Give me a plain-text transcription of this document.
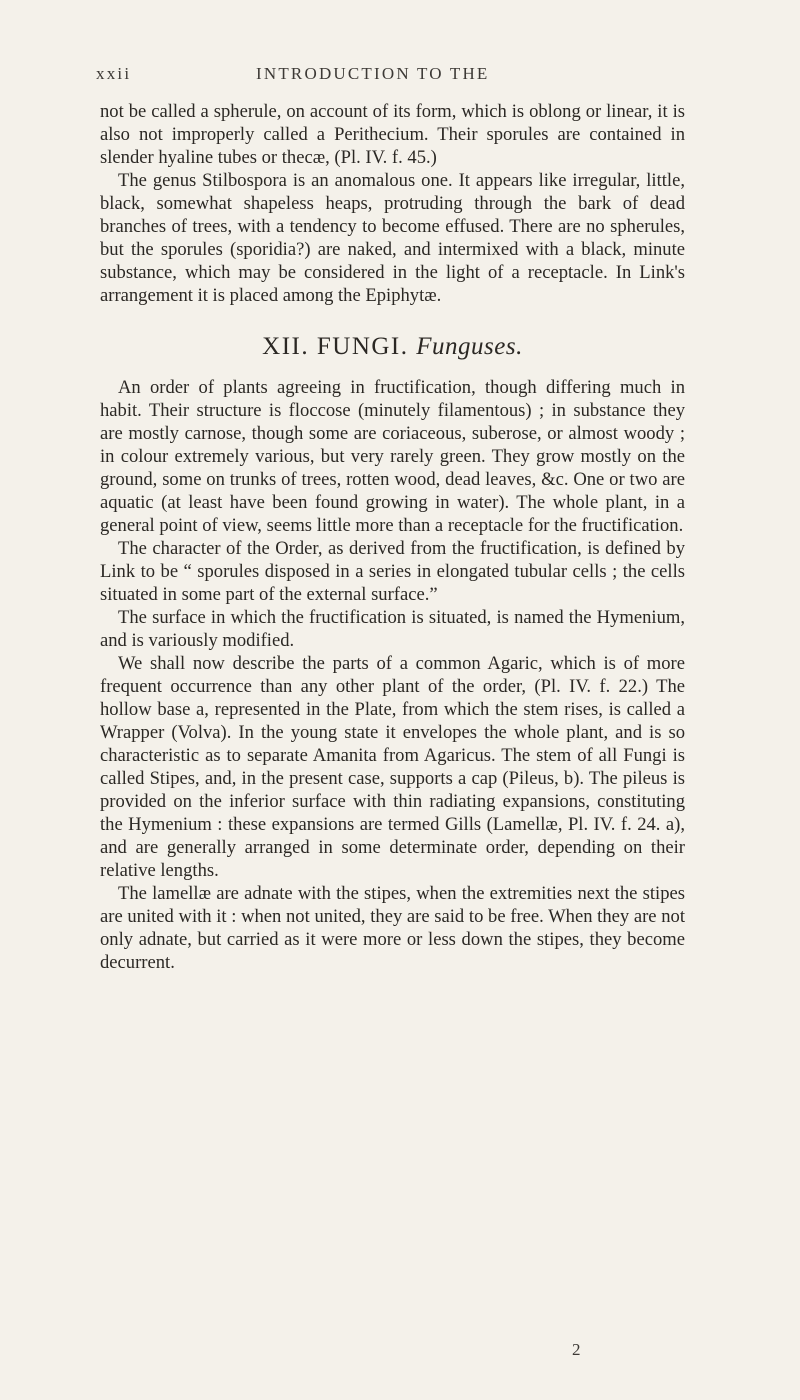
xxii	INTRODUCTION TO THE

not be called a spherule, on account of its form, which is oblong or linear, it is also not improperly called a Perithecium. Their sporules are contained in slender hyaline tubes or thecæ, (Pl. IV. f. 45.)

The genus Stilbospora is an anomalous one. It appears like irregular, little, black, somewhat shapeless heaps, protruding through the bark of dead branches of trees, with a tendency to become effused. There are no spherules, but the sporules (sporidia?) are naked, and intermixed with a black, minute substance, which may be considered in the light of a receptacle. In Link's arrangement it is placed among the Epiphytæ.

XII. FUNGI. Funguses.

An order of plants agreeing in fructification, though differing much in habit. Their structure is floccose (minutely filamentous) ; in substance they are mostly carnose, though some are coriaceous, suberose, or almost woody ; in colour extremely various, but very rarely green. They grow mostly on the ground, some on trunks of trees, rotten wood, dead leaves, &c. One or two are aquatic (at least have been found growing in water). The whole plant, in a general point of view, seems little more than a receptacle for the fructification.

The character of the Order, as derived from the fructification, is defined by Link to be “ sporules disposed in a series in elongated tubular cells ; the cells situated in some part of the external surface.”

The surface in which the fructification is situated, is named the Hymenium, and is variously modified.

We shall now describe the parts of a common Agaric, which is of more frequent occurrence than any other plant of the order, (Pl. IV. f. 22.) The hollow base a, represented in the Plate, from which the stem rises, is called a Wrapper (Volva). In the young state it envelopes the whole plant, and is so characteristic as to separate Amanita from Agaricus. The stem of all Fungi is called Stipes, and, in the present case, supports a cap (Pileus, b). The pileus is provided on the inferior surface with thin radiating expansions, constituting the Hymenium : these expansions are termed Gills (Lamellæ, Pl. IV. f. 24. a), and are generally arranged in some determinate order, depending on their relative lengths.

The lamellæ are adnate with the stipes, when the extremities next the stipes are united with it : when not united, they are said to be free. When they are not only adnate, but carried as it were more or less down the stipes, they become decurrent.

2
